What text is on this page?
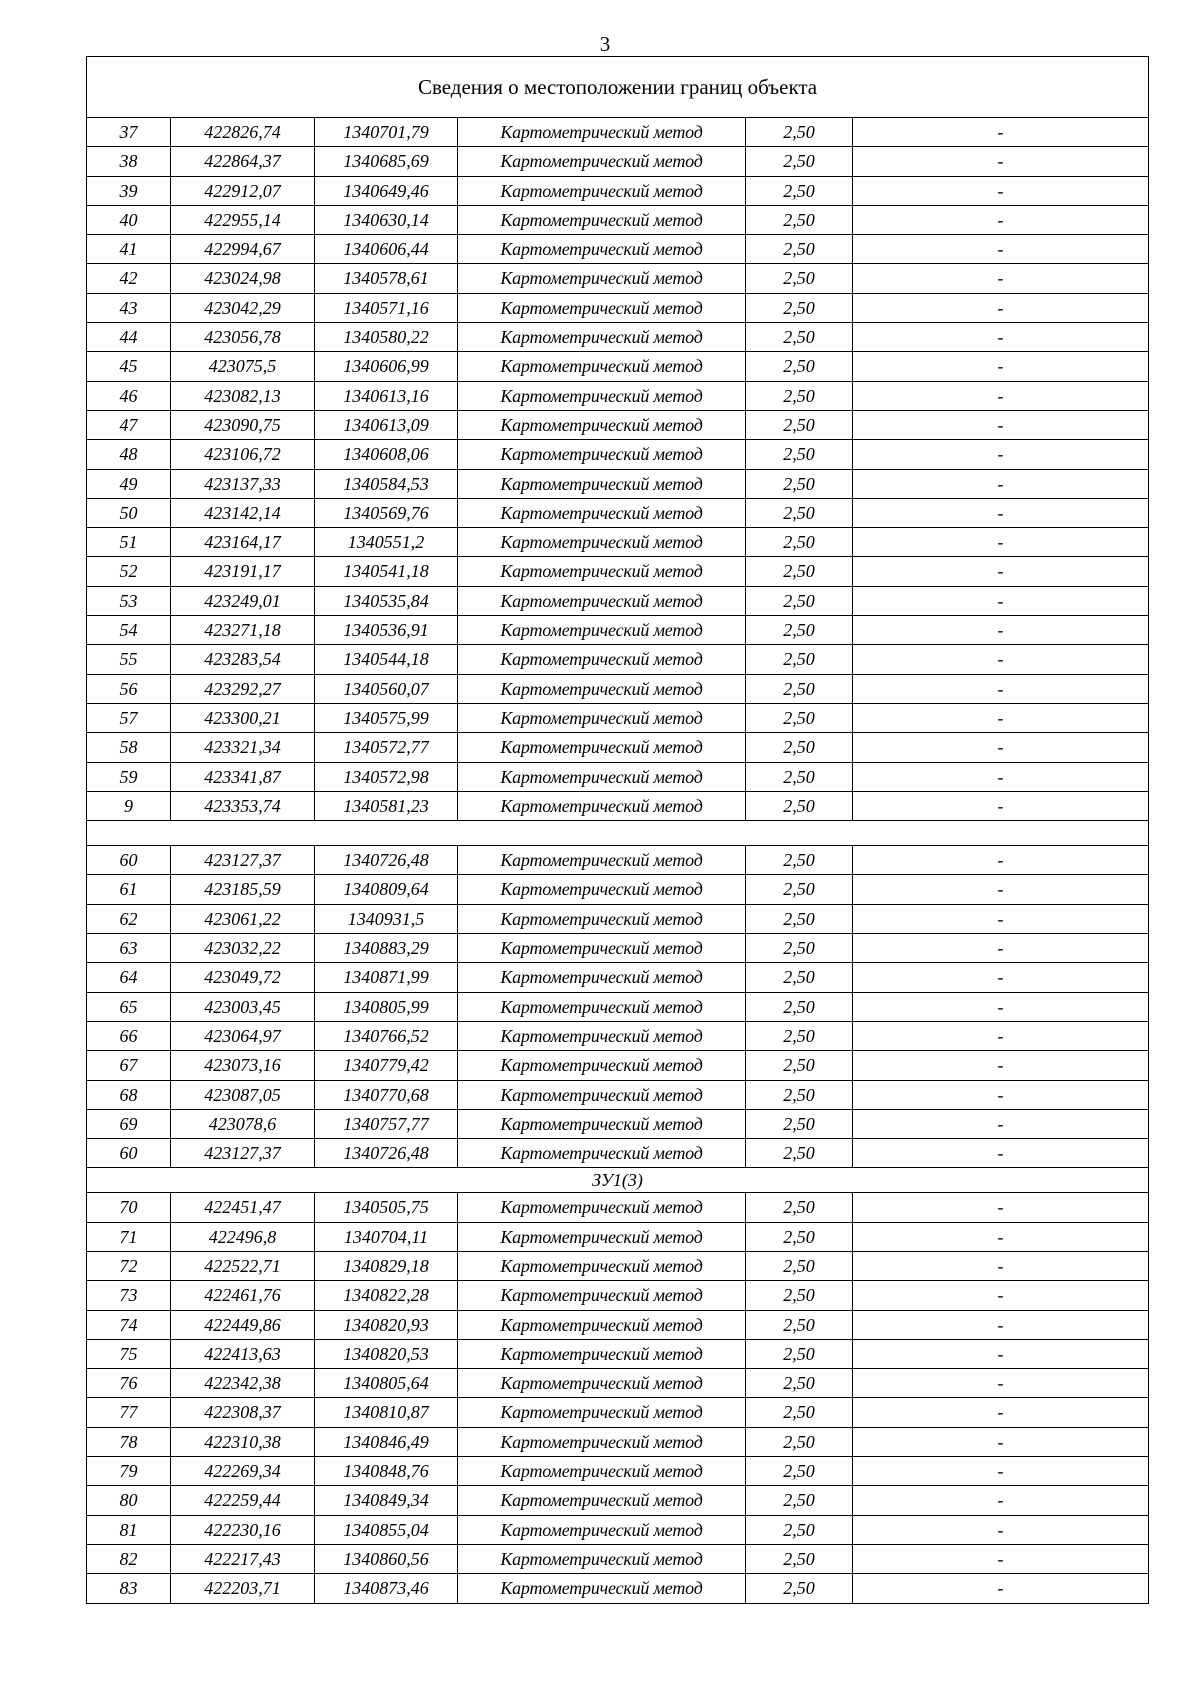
3
Сведения о местоположении границ объекта					
37	422826,74	1340701,79	Картометрический метод	2,50	-
38	422864,37	1340685,69	Картометрический метод	2,50	-
39	422912,07	1340649,46	Картометрический метод	2,50	-
40	422955,14	1340630,14	Картометрический метод	2,50	-
41	422994,67	1340606,44	Картометрический метод	2,50	-
42	423024,98	1340578,61	Картометрический метод	2,50	-
43	423042,29	1340571,16	Картометрический метод	2,50	-
44	423056,78	1340580,22	Картометрический метод	2,50	-
45	423075,5	1340606,99	Картометрический метод	2,50	-
46	423082,13	1340613,16	Картометрический метод	2,50	-
47	423090,75	1340613,09	Картометрический метод	2,50	-
48	423106,72	1340608,06	Картометрический метод	2,50	-
49	423137,33	1340584,53	Картометрический метод	2,50	-
50	423142,14	1340569,76	Картометрический метод	2,50	-
51	423164,17	1340551,2	Картометрический метод	2,50	-
52	423191,17	1340541,18	Картометрический метод	2,50	-
53	423249,01	1340535,84	Картометрический метод	2,50	-
54	423271,18	1340536,91	Картометрический метод	2,50	-
55	423283,54	1340544,18	Картометрический метод	2,50	-
56	423292,27	1340560,07	Картометрический метод	2,50	-
57	423300,21	1340575,99	Картометрический метод	2,50	-
58	423321,34	1340572,77	Картометрический метод	2,50	-
59	423341,87	1340572,98	Картометрический метод	2,50	-
9	423353,74	1340581,23	Картометрический метод	2,50	-

60	423127,37	1340726,48	Картометрический метод	2,50	-
61	423185,59	1340809,64	Картометрический метод	2,50	-
62	423061,22	1340931,5	Картометрический метод	2,50	-
63	423032,22	1340883,29	Картометрический метод	2,50	-
64	423049,72	1340871,99	Картометрический метод	2,50	-
65	423003,45	1340805,99	Картометрический метод	2,50	-
66	423064,97	1340766,52	Картометрический метод	2,50	-
67	423073,16	1340779,42	Картометрический метод	2,50	-
68	423087,05	1340770,68	Картометрический метод	2,50	-
69	423078,6	1340757,77	Картометрический метод	2,50	-
60	423127,37	1340726,48	Картометрический метод	2,50	-
ЗУ1(3)					
70	422451,47	1340505,75	Картометрический метод	2,50	-
71	422496,8	1340704,11	Картометрический метод	2,50	-
72	422522,71	1340829,18	Картометрический метод	2,50	-
73	422461,76	1340822,28	Картометрический метод	2,50	-
74	422449,86	1340820,93	Картометрический метод	2,50	-
75	422413,63	1340820,53	Картометрический метод	2,50	-
76	422342,38	1340805,64	Картометрический метод	2,50	-
77	422308,37	1340810,87	Картометрический метод	2,50	-
78	422310,38	1340846,49	Картометрический метод	2,50	-
79	422269,34	1340848,76	Картометрический метод	2,50	-
80	422259,44	1340849,34	Картометрический метод	2,50	-
81	422230,16	1340855,04	Картометрический метод	2,50	-
82	422217,43	1340860,56	Картометрический метод	2,50	-
83	422203,71	1340873,46	Картометрический метод	2,50	-
